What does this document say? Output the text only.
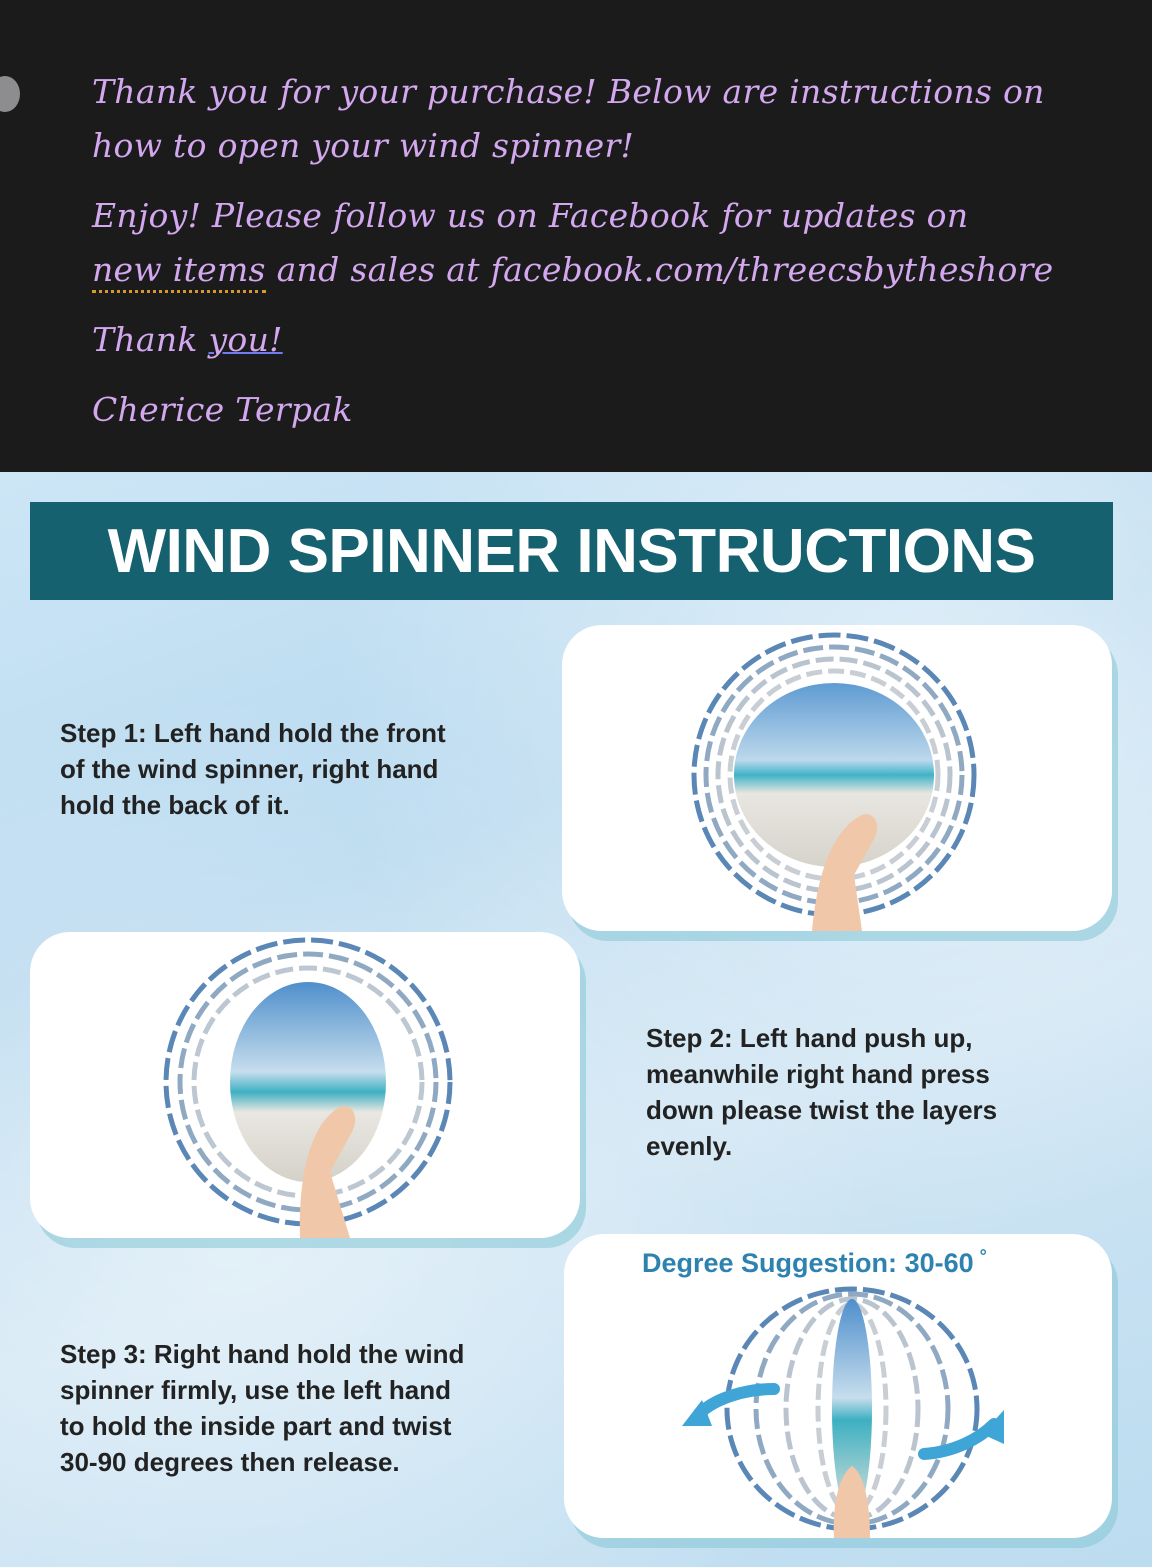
Thank you for your purchase! Below are instructions on
how to open your wind spinner!
Enjoy! Please follow us on Facebook for updates on
new items and sales at facebook.com/threecsbytheshore
Thank you!
Cherice Terpak
WIND SPINNER INSTRUCTIONS
Step 1: Left hand hold the front
of the wind spinner, right hand
hold the back of it.
Step 2: Left hand push up,
meanwhile right hand press
down please twist the layers
evenly.
Step 3: Right hand hold the wind
spinner firmly, use the left hand
to hold the inside part and twist
30-90 degrees then release.
Degree Suggestion: 30-60 °
